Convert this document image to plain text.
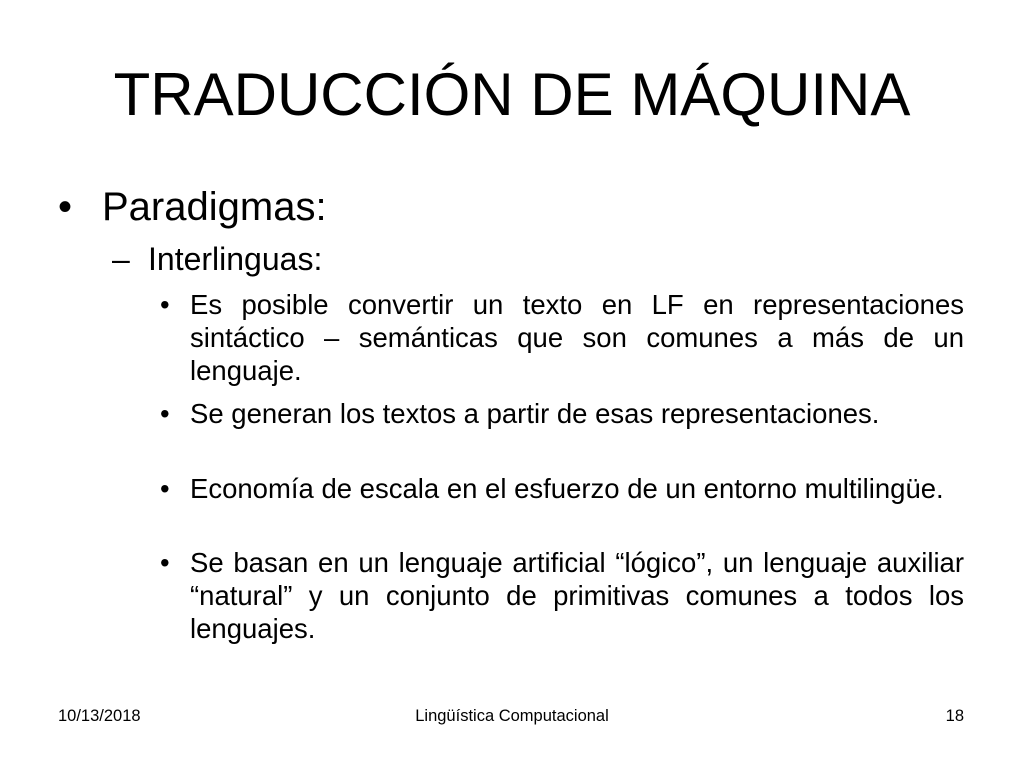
TRADUCCIÓN DE MÁQUINA
• Paradigmas:
– Interlinguas:
• Es posible convertir un texto en LF en representaciones sintáctico – semánticas que son comunes a más de un lenguaje.
• Se generan los textos a partir de esas representaciones.
• Economía de escala en el esfuerzo de un entorno multilingüe.
• Se basan en un lenguaje artificial “lógico”, un lenguaje auxiliar “natural” y un conjunto de primitivas comunes a todos los lenguajes.
10/13/2018	Lingüística Computacional	18
